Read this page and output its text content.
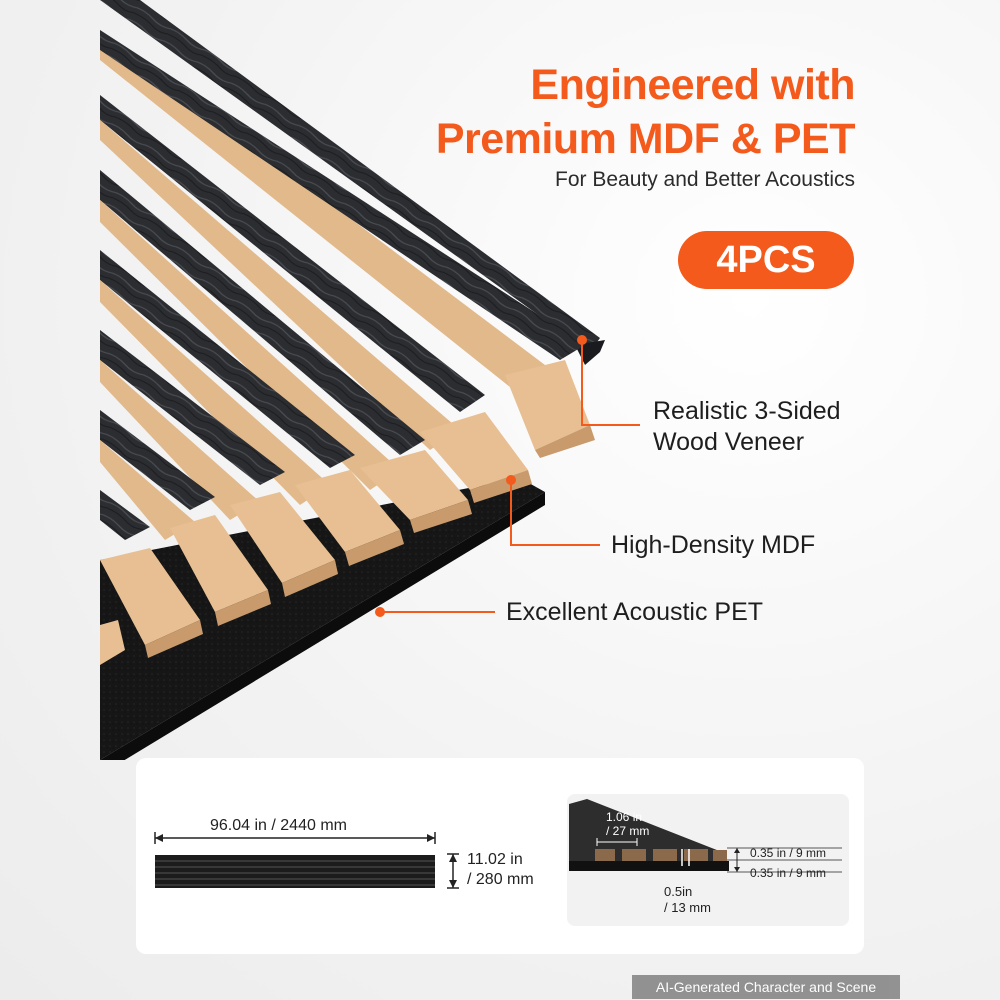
Engineered with
Premium MDF & PET
For Beauty and Better Acoustics
4PCS
Realistic 3-Sided
Wood Veneer
High-Density MDF
Excellent Acoustic PET
96.04 in / 2440 mm
11.02 in
/ 280 mm
1.06 in
/ 27 mm
0.35 in / 9 mm
0.35 in / 9 mm
0.5in
/ 13 mm
AI-Generated Character and Scene
